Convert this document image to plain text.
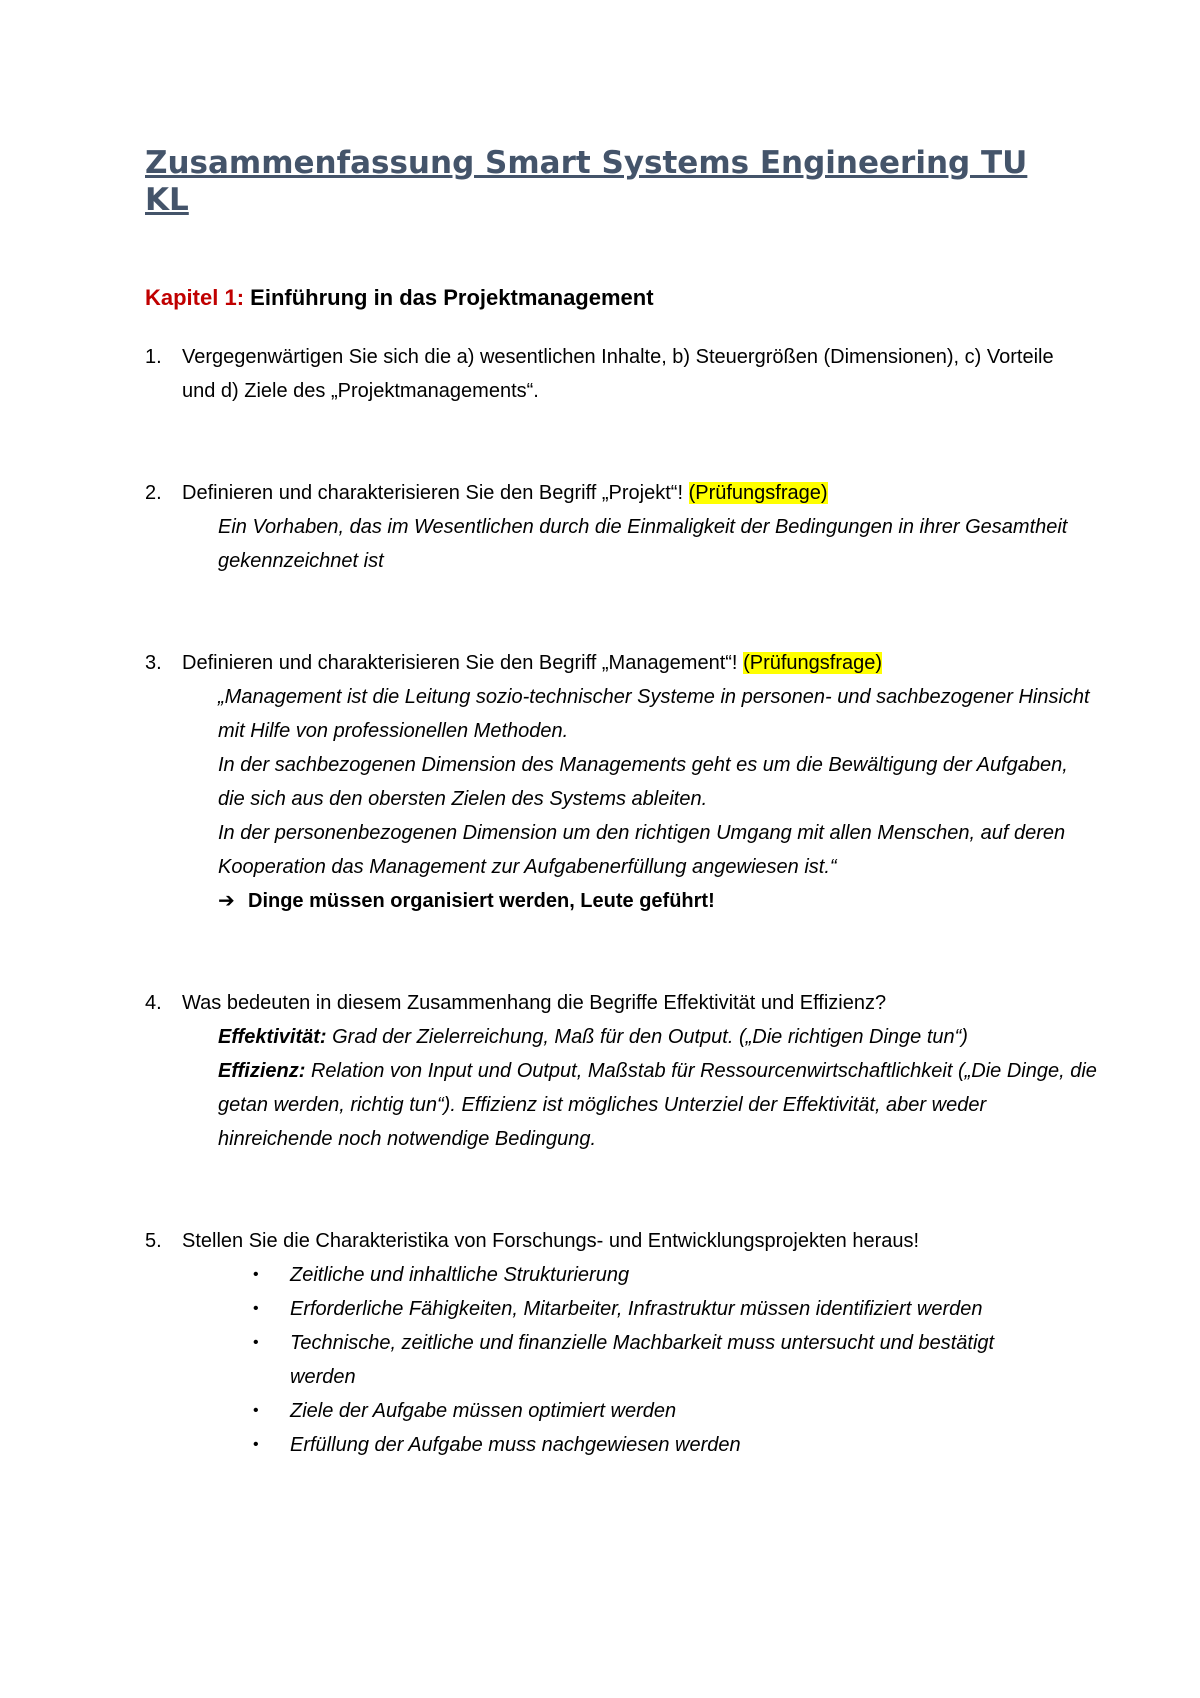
Zusammenfassung Smart Systems Engineering TU KL
Kapitel 1: Einführung in das Projektmanagement
1. Vergegenwärtigen Sie sich die a) wesentlichen Inhalte, b) Steuergrößen (Dimensionen), c) Vorteile und d) Ziele des „Projektmanagements“.
2. Definieren und charakterisieren Sie den Begriff „Projekt“! (Prüfungsfrage)

Ein Vorhaben, das im Wesentlichen durch die Einmaligkeit der Bedingungen in ihrer Gesamtheit gekennzeichnet ist

3. Definieren und charakterisieren Sie den Begriff „Management“! (Prüfungsfrage)

„Management ist die Leitung sozio-technischer Systeme in personen- und sachbezogener Hinsicht mit Hilfe von professionellen Methoden.

In der sachbezogenen Dimension des Managements geht es um die Bewältigung der Aufgaben, die sich aus den obersten Zielen des Systems ableiten.

In der personenbezogenen Dimension um den richtigen Umgang mit allen Menschen, auf deren Kooperation das Management zur Aufgabenerfüllung angewiesen ist.“

➔ Dinge müssen organisiert werden, Leute geführt!

4. Was bedeuten in diesem Zusammenhang die Begriffe Effektivität und Effizienz?

Effektivität: Grad der Zielerreichung, Maß für den Output. („Die richtigen Dinge tun“)

Effizienz: Relation von Input und Output, Maßstab für Ressourcenwirtschaftlichkeit („Die Dinge, die getan werden, richtig tun“). Effizienz ist mögliches Unterziel der Effektivität, aber weder hinreichende noch notwendige Bedingung.

5. Stellen Sie die Charakteristika von Forschungs- und Entwicklungsprojekten heraus!
• Zeitliche und inhaltliche Strukturierung
• Erforderliche Fähigkeiten, Mitarbeiter, Infrastruktur müssen identifiziert werden
• Technische, zeitliche und finanzielle Machbarkeit muss untersucht und bestätigt werden
• Ziele der Aufgabe müssen optimiert werden
• Erfüllung der Aufgabe muss nachgewiesen werden
